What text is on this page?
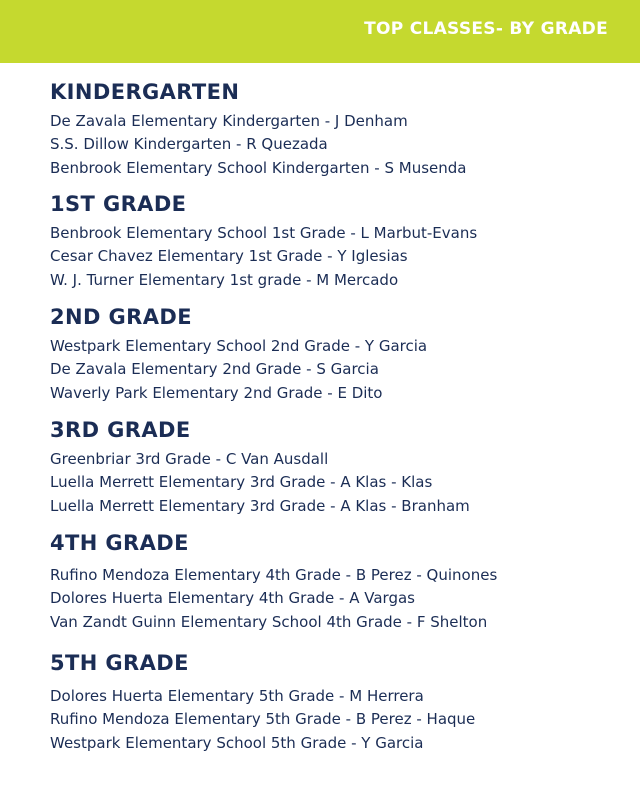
TOP CLASSES- BY GRADE
KINDERGARTEN
De Zavala Elementary Kindergarten - J Denham
S.S. Dillow Kindergarten - R Quezada
Benbrook Elementary School Kindergarten - S Musenda
1ST GRADE
Benbrook Elementary School 1st Grade - L Marbut-Evans
Cesar Chavez Elementary 1st Grade - Y Iglesias
W. J. Turner Elementary 1st grade - M Mercado
2ND GRADE
Westpark Elementary School 2nd Grade - Y Garcia
De Zavala Elementary 2nd Grade - S Garcia
Waverly Park Elementary 2nd Grade - E Dito
3RD GRADE
Greenbriar 3rd Grade - C Van Ausdall
Luella Merrett Elementary 3rd Grade - A Klas - Klas
Luella Merrett Elementary 3rd Grade - A Klas - Branham
4TH GRADE
Rufino Mendoza Elementary 4th Grade - B Perez - Quinones
Dolores Huerta Elementary 4th Grade - A Vargas
Van Zandt Guinn Elementary School 4th Grade - F Shelton
5TH GRADE
Dolores Huerta Elementary 5th Grade - M Herrera
Rufino Mendoza Elementary 5th Grade - B Perez - Haque
Westpark Elementary School 5th Grade - Y Garcia
